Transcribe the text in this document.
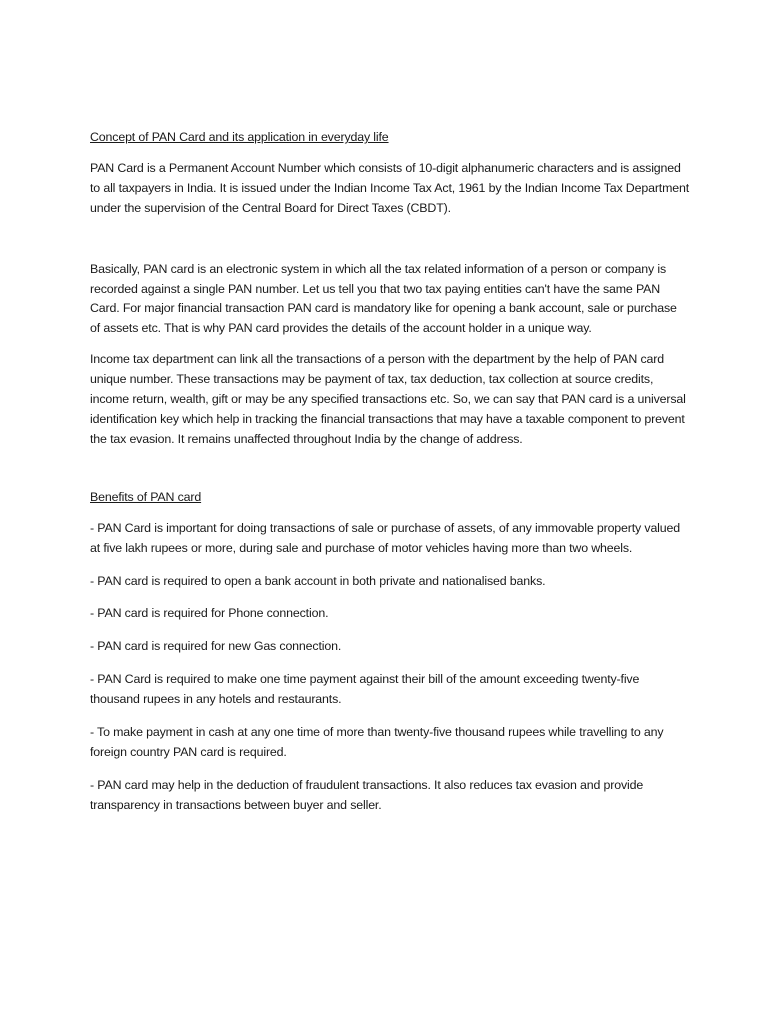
Concept of PAN Card and its application in everyday life

PAN Card is a Permanent Account Number which consists of 10-digit alphanumeric characters and is assigned to all taxpayers in India. It is issued under the Indian Income Tax Act, 1961 by the Indian Income Tax Department under the supervision of the Central Board for Direct Taxes (CBDT).

Basically, PAN card is an electronic system in which all the tax related information of a person or company is recorded against a single PAN number. Let us tell you that two tax paying entities can't have the same PAN Card. For major financial transaction PAN card is mandatory like for opening a bank account, sale or purchase of assets etc. That is why PAN card provides the details of the account holder in a unique way.

Income tax department can link all the transactions of a person with the department by the help of PAN card unique number. These transactions may be payment of tax, tax deduction, tax collection at source credits, income return, wealth, gift or may be any specified transactions etc. So, we can say that PAN card is a universal identification key which help in tracking the financial transactions that may have a taxable component to prevent the tax evasion. It remains unaffected throughout India by the change of address.

Benefits of PAN card

- PAN Card is important for doing transactions of sale or purchase of assets, of any immovable property valued at five lakh rupees or more, during sale and purchase of motor vehicles having more than two wheels.

- PAN card is required to open a bank account in both private and nationalised banks.

- PAN card is required for Phone connection.

- PAN card is required for new Gas connection.

- PAN Card is required to make one time payment against their bill of the amount exceeding twenty-five thousand rupees in any hotels and restaurants.

- To make payment in cash at any one time of more than twenty-five thousand rupees while travelling to any foreign country PAN card is required.

- PAN card may help in the deduction of fraudulent transactions. It also reduces tax evasion and provide transparency in transactions between buyer and seller.
